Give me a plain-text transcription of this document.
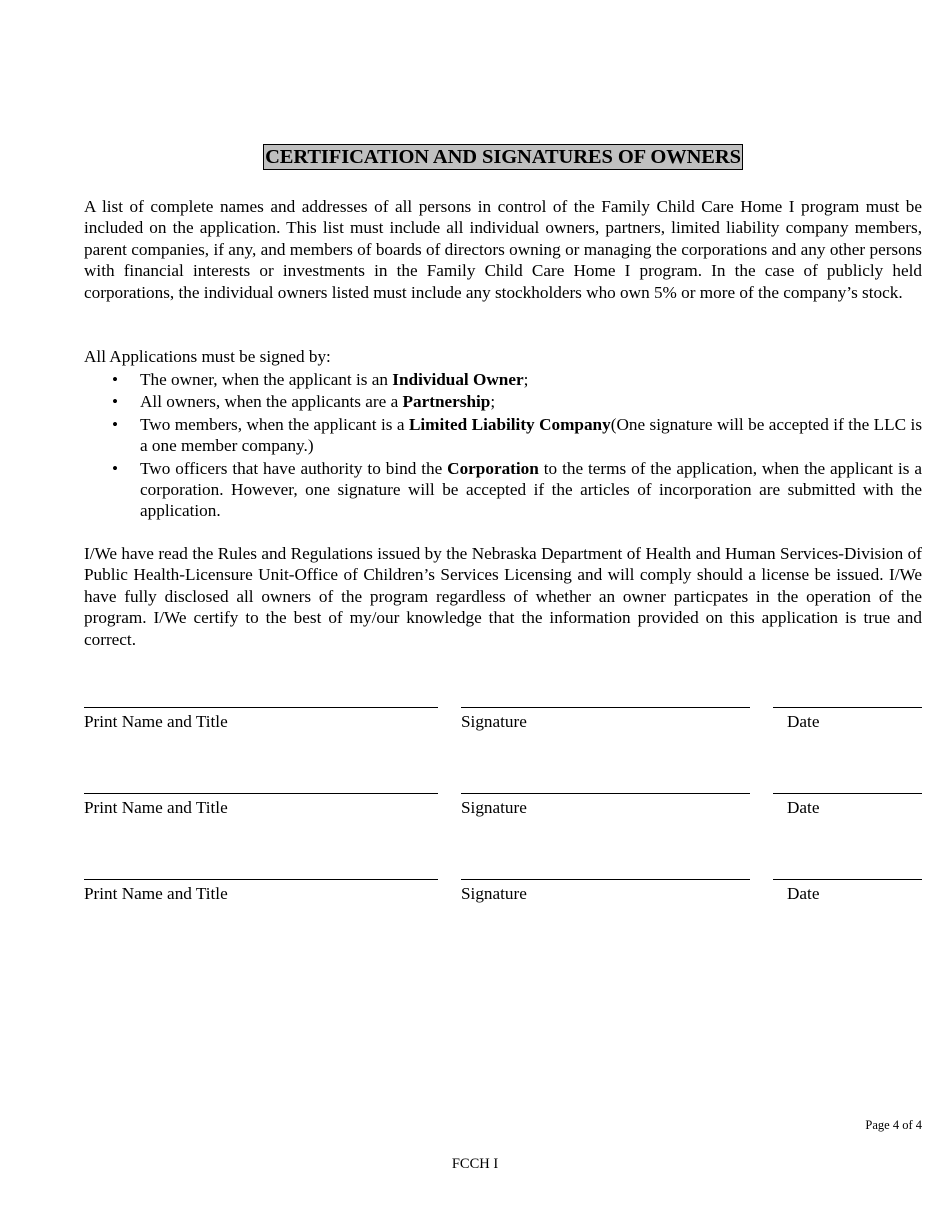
CERTIFICATION AND SIGNATURES OF OWNERS
A list of complete names and addresses of all persons in control of the Family Child Care Home I program must be included on the application. This list must include all individual owners, partners, limited liability company members, parent companies, if any, and members of boards of directors owning or managing the corporations and any other persons with financial interests or investments in the Family Child Care Home I program. In the case of publicly held corporations, the individual owners listed must include any stockholders who own 5% or more of the company’s stock.
All Applications must be signed by:
• The owner, when the applicant is an Individual Owner;
• All owners, when the applicants are a Partnership;
• Two members, when the applicant is a Limited Liability Company(One signature will be accepted if the LLC is a one member company.)
• Two officers that have authority to bind the Corporation to the terms of the application, when the applicant is a corporation. However, one signature will be accepted if the articles of incorporation are submitted with the application.
I/We have read the Rules and Regulations issued by the Nebraska Department of Health and Human Services-Division of Public Health-Licensure Unit-Office of Children’s Services Licensing and will comply should a license be issued. I/We have fully disclosed all owners of the program regardless of whether an owner particpates in the operation of the program. I/We certify to the best of my/our knowledge that the information provided on this application is true and correct.
Print Name and Title	Signature	Date
Print Name and Title	Signature	Date
Print Name and Title	Signature	Date
Page 4 of 4
FCCH I
